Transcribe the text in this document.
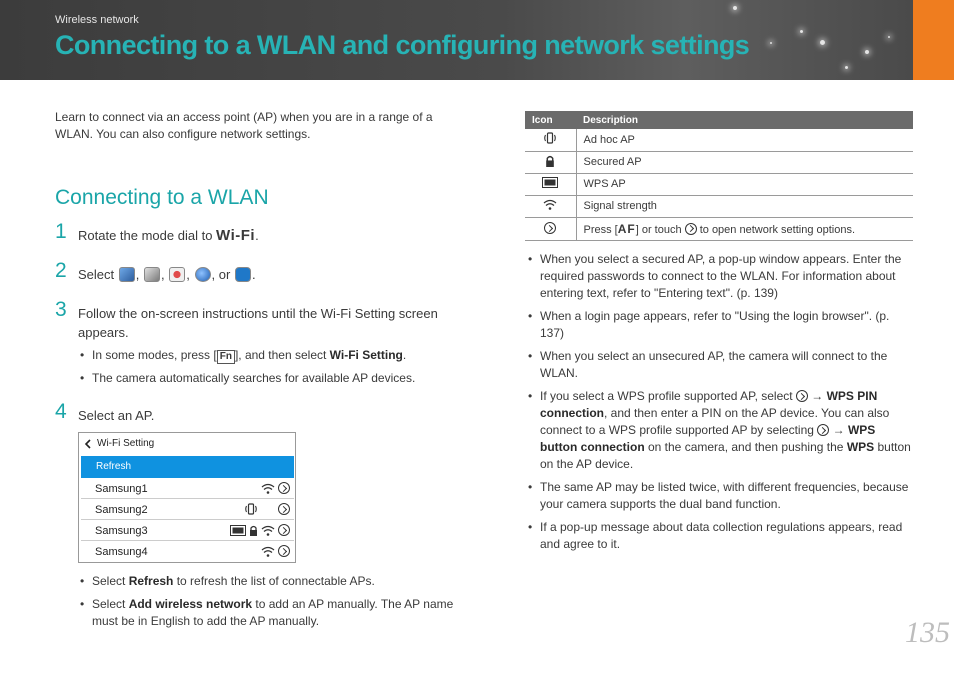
Wireless network
Connecting to a WLAN and configuring network settings
Learn to connect via an access point (AP) when you are in a range of a WLAN. You can also configure network settings.
Connecting to a WLAN
1 Rotate the mode dial to Wi-Fi.
2 Select , , , , or .
3 Follow the on-screen instructions until the Wi-Fi Setting screen
appears.
• In some modes, press [ Fn ], and then select Wi-Fi Setting.
• The camera automatically searches for available AP devices.
4 Select an AP.
Wi-Fi Setting
Refresh
Samsung1
Samsung2
Samsung3
Samsung4
• Select Refresh to refresh the list of connectable APs.
• Select Add wireless network to add an AP manually. The AP name must be in English to add the AP manually.
Icon	Description
	Ad hoc AP
	Secured AP
	WPS AP
	Signal strength
	Press [AF] or touch  to open network setting options.
• When you select a secured AP, a pop-up window appears. Enter the required passwords to connect to the WLAN. For information about entering text, refer to "Entering text". (p. 139)
• When a login page appears, refer to "Using the login browser". (p. 137)
• When you select an unsecured AP, the camera will connect to the WLAN.
• If you select a WPS profile supported AP, select  → WPS PIN connection, and then enter a PIN on the AP device. You can also connect to a WPS profile supported AP by selecting  → WPS button connection on the camera, and then pushing the WPS button on the AP device.
• The same AP may be listed twice, with different frequencies, because your camera supports the dual band function.
• If a pop-up message about data collection regulations appears, read and agree to it.
135
